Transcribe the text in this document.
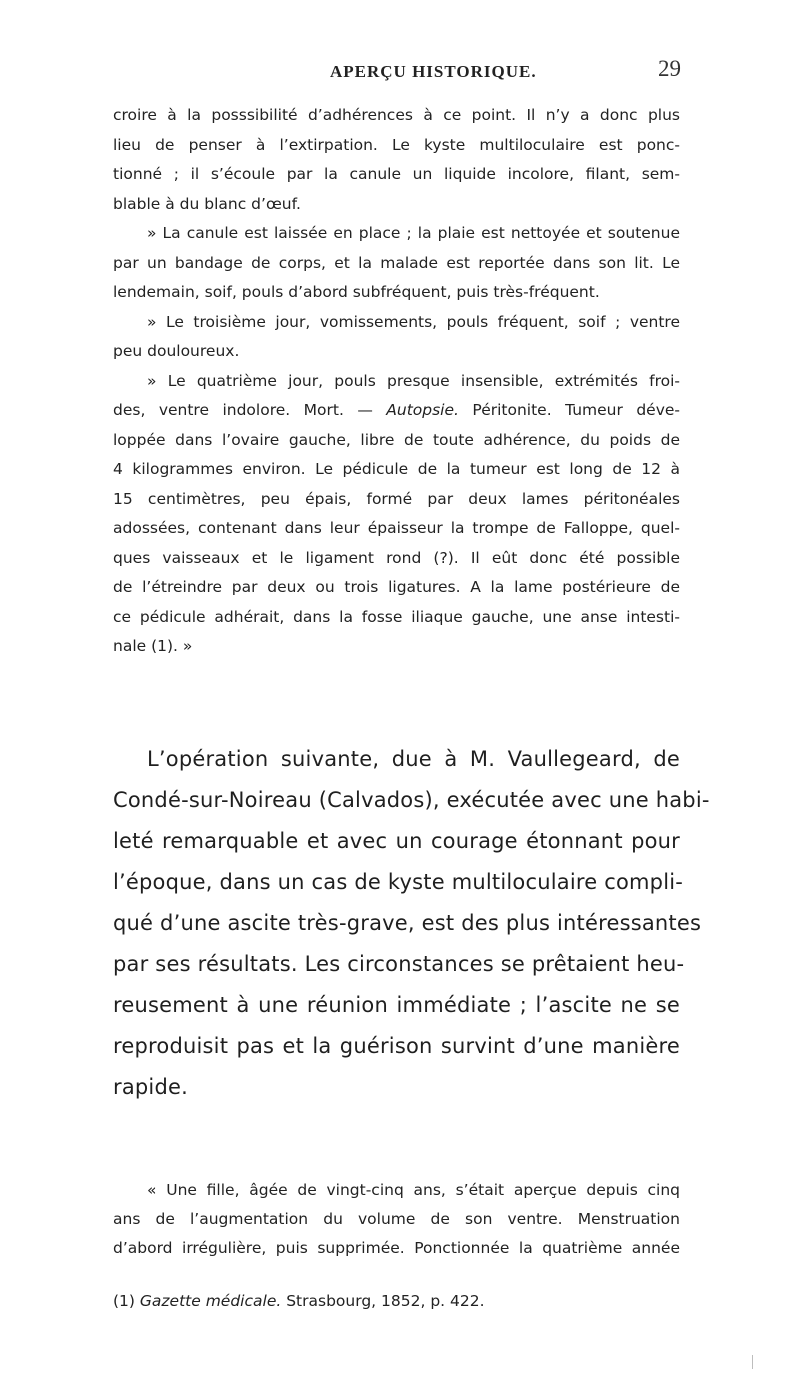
APERÇU HISTORIQUE.	29
croire à la posssibilité d’adhérences à ce point. Il n’y a donc plus
lieu de penser à l’extirpation. Le kyste multiloculaire est ponc-
tionné ; il s’écoule par la canule un liquide incolore, filant, sem-
blable à du blanc d’œuf.
» La canule est laissée en place ; la plaie est nettoyée et soutenue
par un bandage de corps, et la malade est reportée dans son lit. Le
lendemain, soif, pouls d’abord subfréquent, puis très-fréquent.
» Le troisième jour, vomissements, pouls fréquent, soif ; ventre
peu douloureux.
» Le quatrième jour, pouls presque insensible, extrémités froi-
des, ventre indolore. Mort. — Autopsie. Péritonite. Tumeur déve-
loppée dans l’ovaire gauche, libre de toute adhérence, du poids de
4 kilogrammes environ. Le pédicule de la tumeur est long de 12 à
15 centimètres, peu épais, formé par deux lames péritonéales
adossées, contenant dans leur épaisseur la trompe de Falloppe, quel-
ques vaisseaux et le ligament rond (?). Il eût donc été possible
de l’étreindre par deux ou trois ligatures. A la lame postérieure de
ce pédicule adhérait, dans la fosse iliaque gauche, une anse intesti-
nale (1). »
L’opération suivante, due à M. Vaullegeard, de
Condé-sur-Noireau (Calvados), exécutée avec une habi-
leté remarquable et avec un courage étonnant pour
l’époque, dans un cas de kyste multiloculaire compli-
qué d’une ascite très-grave, est des plus intéressantes
par ses résultats. Les circonstances se prêtaient heu-
reusement à une réunion immédiate ; l’ascite ne se
reproduisit pas et la guérison survint d’une manière
rapide.
« Une fille, âgée de vingt-cinq ans, s’était aperçue depuis cinq
ans de l’augmentation du volume de son ventre. Menstruation
d’abord irrégulière, puis supprimée. Ponctionnée la quatrième année
(1) Gazette médicale. Strasbourg, 1852, p. 422.
